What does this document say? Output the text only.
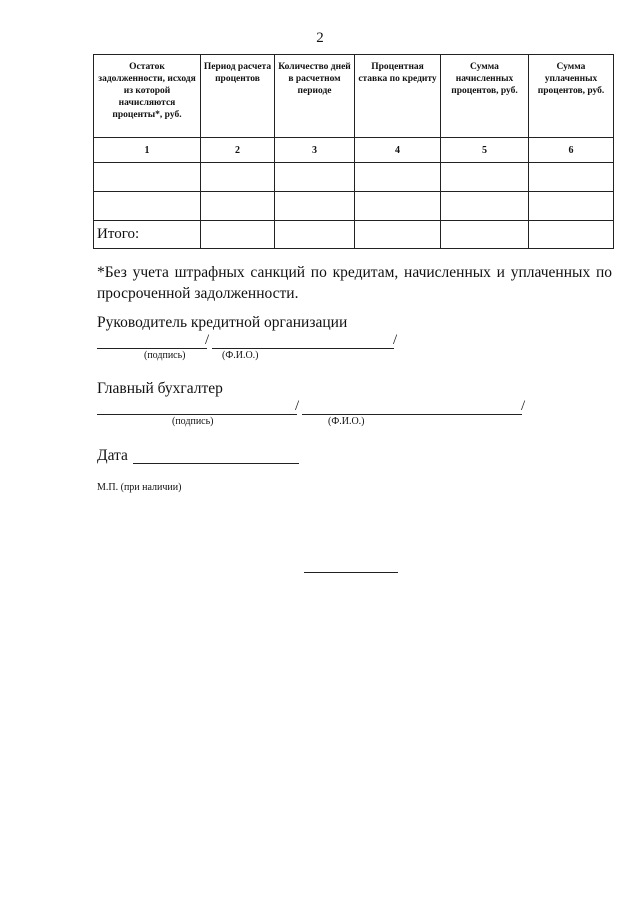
2
Остаток задолженности, исходя из которой начисляются проценты*, руб.	Период расчета процентов	Количество дней в расчетном периоде	Процентная ставка по кредиту	Сумма начисленных процентов, руб.	Сумма уплаченных процентов, руб.
1	2	3	4	5	6

Итого:					
*Без учета штрафных санкций по кредитам, начисленных и уплаченных по просроченной задолженности.
Руководитель кредитной организации
/	/
(подпись)	(Ф.И.О.)
Главный бухгалтер
/	/
(подпись)	(Ф.И.О.)
Дата
М.П. (при наличии)
